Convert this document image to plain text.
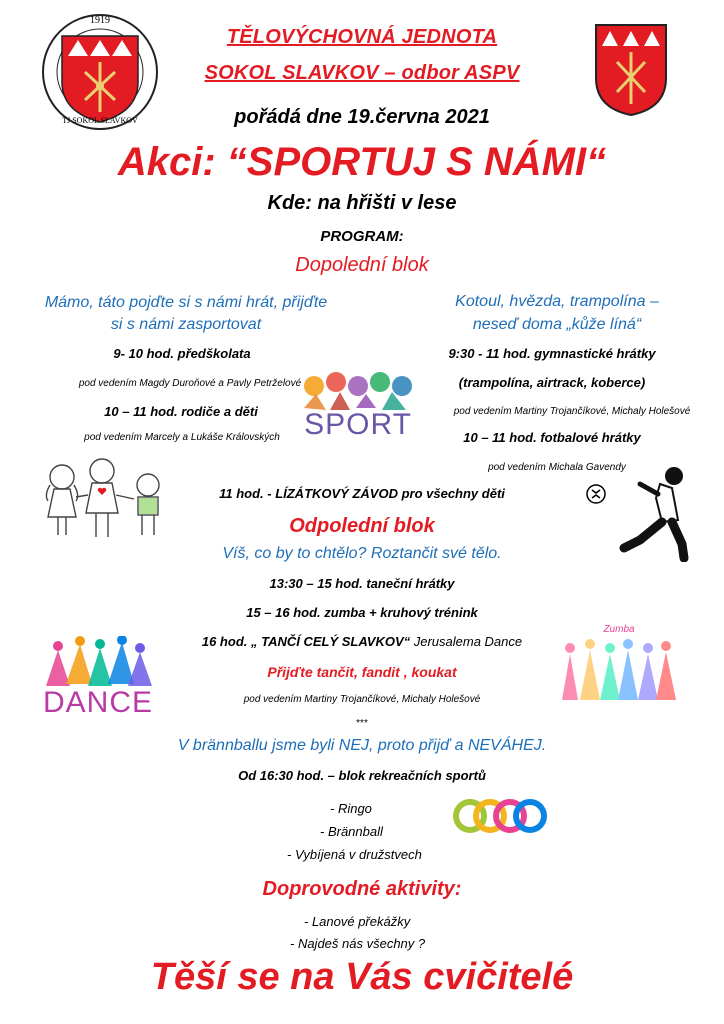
1919
TJ SOKOL SLAVKOV
TĚLOVÝCHOVNÁ JEDNOTA
SOKOL SLAVKOV – odbor ASPV
pořádá dne 19.června 2021
Akci: “SPORTUJ S NÁMI“
Kde: na hřišti v lese
PROGRAM:
Dopolední blok
Mámo, táto pojďte si s námi hrát, přijďte
si s námi zasportovat
9- 10 hod. předškolata
pod vedením Magdy Duroňové a Pavly Petrželové
10 – 11 hod. rodiče a děti
pod vedením Marcely a Lukáše Královských
Kotoul, hvězda, trampolína –
neseď doma „kůže líná“
9:30 - 11 hod. gymnastické hrátky
(trampolína, airtrack, koberce)
pod vedením Martiny Trojančíkové, Michaly Holešové
10 – 11 hod. fotbalové hrátky
pod vedením Michala Gavendy
SPORT
11 hod. - LÍZÁTKOVÝ ZÁVOD pro všechny děti
Odpolední blok
Víš, co by to chtělo? Roztančit své tělo.
13:30 – 15 hod. taneční hrátky
15 – 16 hod. zumba + kruhový trénink
16 hod. „ TANČÍ CELÝ SLAVKOV“ Jerusalema Dance
Přijďte tančit, fandit , koukat
pod vedením Martiny Trojančíkové, Michaly Holešové
***
DANCE
Zumba
V brännballu jsme byli NEJ, proto přijď a NEVÁHEJ.
Od 16:30 hod. – blok rekreačních sportů
- Ringo
- Brännball
- Vybíjená v družstvech
Doprovodné aktivity:
- Lanové překážky
- Najdeš nás všechny ?
Těší se na Vás cvičitelé
